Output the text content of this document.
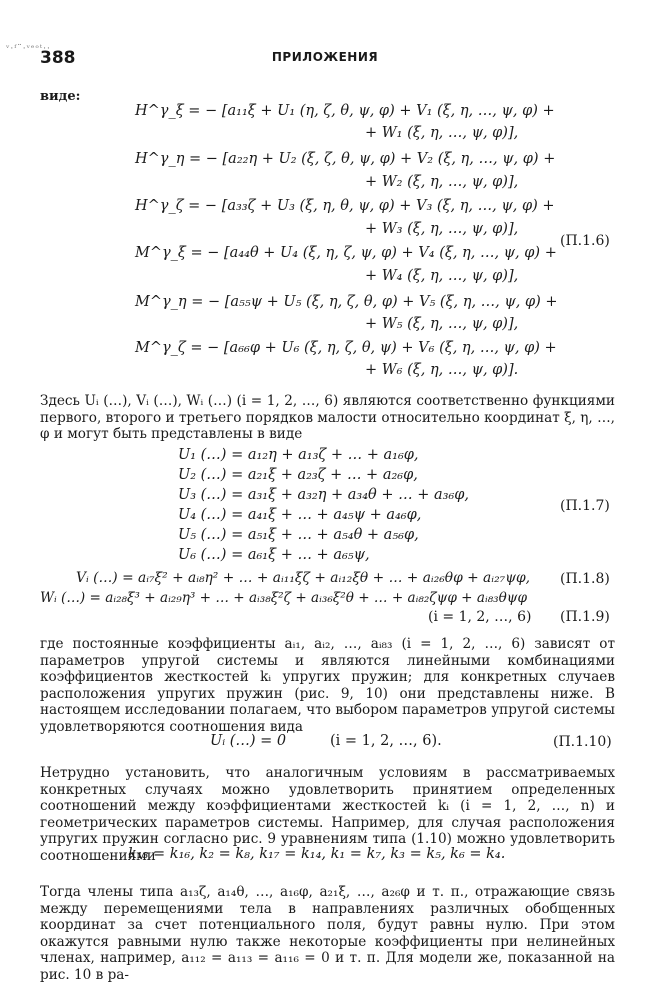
ᵛ·ᶠ¨·ᵛᵉᵒᵗ··
388	ПРИЛОЖЕНИЯ
виде:
H^γ_ξ = − [a₁₁ξ + U₁ (η, ζ, θ, ψ, φ) + V₁ (ξ, η, …, ψ, φ) +
+ W₁ (ξ, η, …, ψ, φ)],
H^γ_η = − [a₂₂η + U₂ (ξ, ζ, θ, ψ, φ) + V₂ (ξ, η, …, ψ, φ) +
+ W₂ (ξ, η, …, ψ, φ)],
H^γ_ζ = − [a₃₃ζ + U₃ (ξ, η, θ, ψ, φ) + V₃ (ξ, η, …, ψ, φ) +
+ W₃ (ξ, η, …, ψ, φ)],
M^γ_ξ = − [a₄₄θ + U₄ (ξ, η, ζ, ψ, φ) + V₄ (ξ, η, …, ψ, φ) +
+ W₄ (ξ, η, …, ψ, φ)],
M^γ_η = − [a₅₅ψ + U₅ (ξ, η, ζ, θ, φ) + V₅ (ξ, η, …, ψ, φ) +
+ W₅ (ξ, η, …, ψ, φ)],
M^γ_ζ = − [a₆₆φ + U₆ (ξ, η, ζ, θ, ψ) + V₆ (ξ, η, …, ψ, φ) +
+ W₆ (ξ, η, …, ψ, φ)].
(П.1.6)
Здесь Uᵢ (…), Vᵢ (…), Wᵢ (…) (i = 1, 2, …, 6) являются соответственно функциями первого, второго и третьего порядков малости относительно координат ξ, η, …, φ и могут быть представлены в виде
U₁ (…) = a₁₂η + a₁₃ζ + … + a₁₆φ,
U₂ (…) = a₂₁ξ + a₂₃ζ + … + a₂₆φ,
U₃ (…) = a₃₁ξ + a₃₂η + a₃₄θ + … + a₃₆φ,
U₄ (…) = a₄₁ξ + … + a₄₅ψ + a₄₆φ,
U₅ (…) = a₅₁ξ + … + a₅₄θ + a₅₆φ,
U₆ (…) = a₆₁ξ + … + a₆₅ψ,
(П.1.7)
Vᵢ (…) = aᵢ₇ξ² + aᵢ₈η² + … + aᵢ₁₁ξζ + aᵢ₁₂ξθ + … + aᵢ₂₆θφ + aᵢ₂₇ψφ, (П.1.8)
Wᵢ (…) = aᵢ₂₈ξ³ + aᵢ₂₉η³ + … + aᵢ₃₈ξ²ζ + aᵢ₃₆ξ²θ + … + aᵢ₈₂ζψφ + aᵢ₈₃θψφ
(i = 1, 2, …, 6) (П.1.9)
где постоянные коэффициенты aᵢ₁, aᵢ₂, …, aᵢ₈₃ (i = 1, 2, …, 6) зависят от параметров упругой системы и являются линейными комбинациями коэффициентов жесткостей kᵢ упругих пружин; для конкретных случаев расположения упругих пружин (рис. 9, 10) они представлены ниже. В настоящем исследовании полагаем, что выбором параметров упругой системы удовлетворяются соотношения вида
Uᵢ (…) = 0	(i = 1, 2, …, 6).	(П.1.10)
Нетрудно установить, что аналогичным условиям в рассматриваемых конкретных случаях можно удовлетворить принятием определенных соотношений между коэффициентами жесткостей kᵢ (i = 1, 2, …, n) и геометрических параметров системы. Например, для случая расположения упругих пружин согласно рис. 9 уравнениям типа (1.10) можно удовлетворить соотношениями
k₁₃ = k₁₆, k₂ = k₈, k₁₇ = k₁₄, k₁ = k₇, k₃ = k₅, k₆ = k₄.
Тогда члены типа a₁₃ζ, a₁₄θ, …, a₁₆φ, a₂₁ξ, …, a₂₆φ и т. п., отражающие связь между перемещениями тела в направлениях различных обобщенных координат за счет потенциального поля, будут равны нулю. При этом окажутся равными нулю также некоторые коэффициенты при нелинейных членах, например, a₁₁₂ = a₁₁₃ = a₁₁₆ = 0 и т. п. Для модели же, показанной на рис. 10 в ра-
